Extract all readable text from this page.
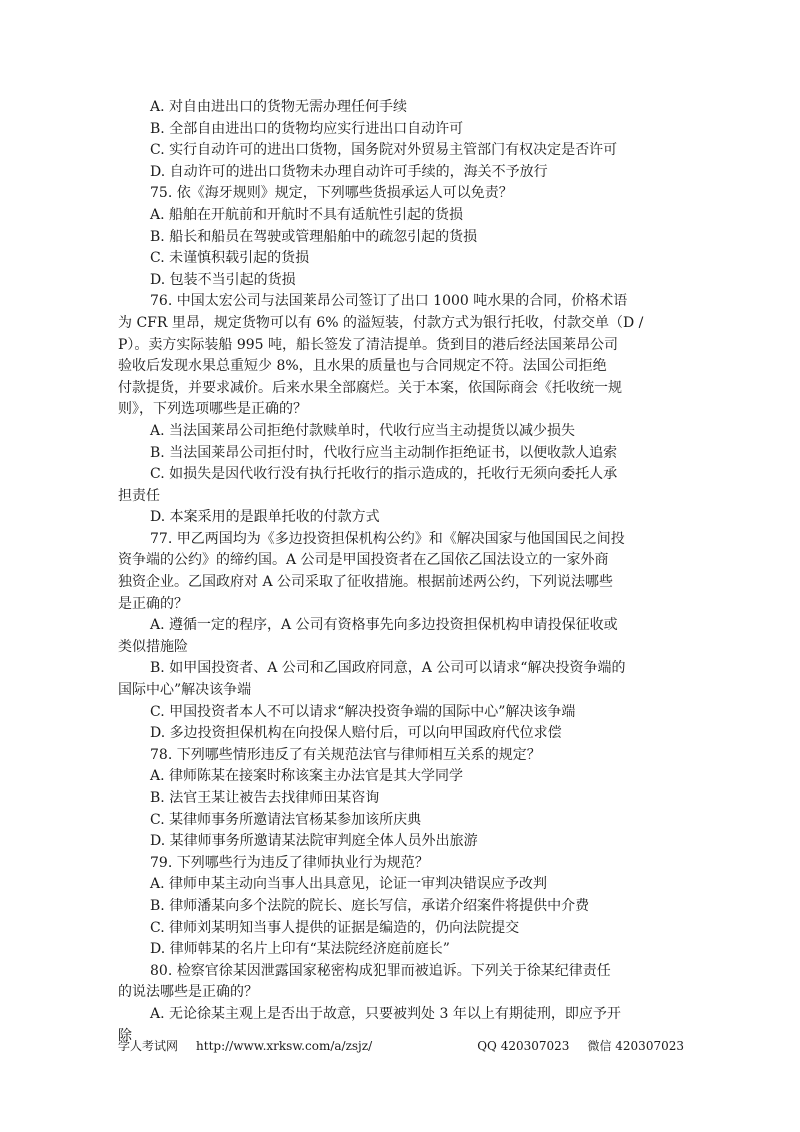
A. 对自由进出口的货物无需办理任何手续
B. 全部自由进出口的货物均应实行进出口自动许可
C. 实行自动许可的进出口货物，国务院对外贸易主管部门有权决定是否许可
D. 自动许可的进出口货物未办理自动许可手续的，海关不予放行
75. 依《海牙规则》规定，下列哪些货损承运人可以免责？
A. 船舶在开航前和开航时不具有适航性引起的货损
B. 船长和船员在驾驶或管理船舶中的疏忽引起的货损
C. 未谨慎积载引起的货损
D. 包装不当引起的货损
76. 中国太宏公司与法国莱昂公司签订了出口 1000 吨水果的合同，价格术语
为 CFR 里昂，规定货物可以有 6% 的溢短装，付款方式为银行托收，付款交单（D /
P）。卖方实际装船 995 吨，船长签发了清洁提单。货到目的港后经法国莱昂公司
验收后发现水果总重短少 8%，且水果的质量也与合同规定不符。法国公司拒绝
付款提货，并要求减价。后来水果全部腐烂。关于本案，依国际商会《托收统一规
则》，下列选项哪些是正确的？
A. 当法国莱昂公司拒绝付款赎单时，代收行应当主动提货以减少损失
B. 当法国莱昂公司拒付时，代收行应当主动制作拒绝证书，以便收款人追索
C. 如损失是因代收行没有执行托收行的指示造成的，托收行无须向委托人承
担责任
D. 本案采用的是跟单托收的付款方式
77. 甲乙两国均为《多边投资担保机构公约》和《解决国家与他国国民之间投
资争端的公约》的缔约国。A 公司是甲国投资者在乙国依乙国法设立的一家外商
独资企业。乙国政府对 A 公司采取了征收措施。根据前述两公约，下列说法哪些
是正确的？
A. 遵循一定的程序，A 公司有资格事先向多边投资担保机构申请投保征收或
类似措施险
B. 如甲国投资者、A 公司和乙国政府同意，A 公司可以请求“解决投资争端的
国际中心”解决该争端
C. 甲国投资者本人不可以请求“解决投资争端的国际中心”解决该争端
D. 多边投资担保机构在向投保人赔付后，可以向甲国政府代位求偿
78. 下列哪些情形违反了有关规范法官与律师相互关系的规定？
A. 律师陈某在接案时称该案主办法官是其大学同学
B. 法官王某让被告去找律师田某咨询
C. 某律师事务所邀请法官杨某参加该所庆典
D. 某律师事务所邀请某法院审判庭全体人员外出旅游
79. 下列哪些行为违反了律师执业行为规范？
A. 律师申某主动向当事人出具意见，论证一审判决错误应予改判
B. 律师潘某向多个法院的院长、庭长写信，承诺介绍案件将提供中介费
C. 律师刘某明知当事人提供的证据是编造的，仍向法院提交
D. 律师韩某的名片上印有“某法院经济庭前庭长”
80. 检察官徐某因泄露国家秘密构成犯罪而被追诉。下列关于徐某纪律责任
的说法哪些是正确的？
A. 无论徐某主观上是否出于故意，只要被判处 3 年以上有期徒刑，即应予开
除
学人考试网 http://www.xrksw.com/a/zsjz/	QQ 420307023 微信 420307023
